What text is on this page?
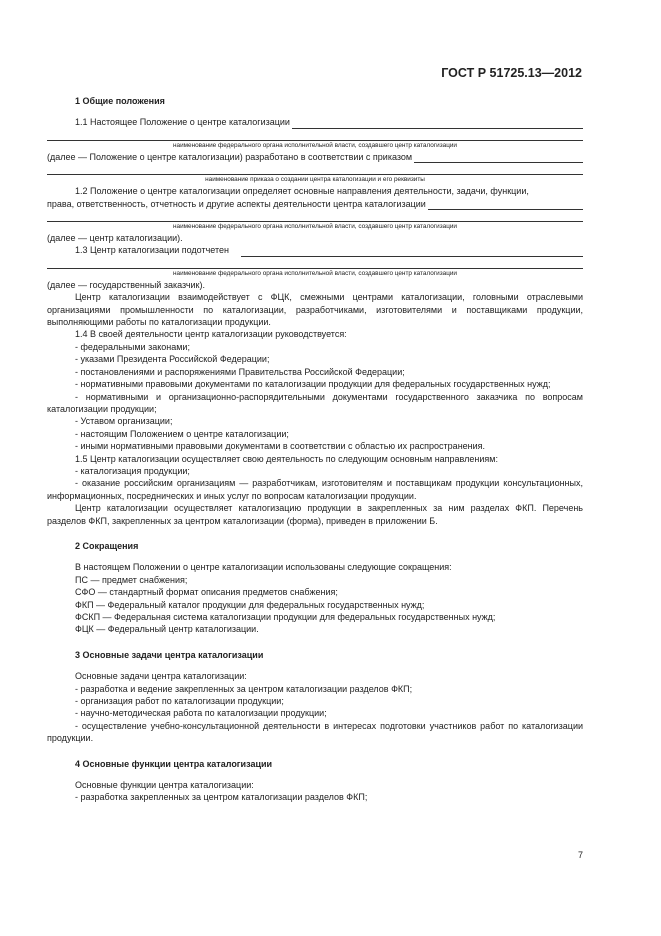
ГОСТ Р 51725.13—2012
1 Общие положения
1.1 Настоящее Положение о центре каталогизации

наименование федерального органа исполнительной власти, создавшего центр каталогизации

(далее — Положение о центре каталогизации) разработано в соответствии с приказом

наименование приказа о создании центра каталогизации и его реквизиты

1.2 Положение о центре каталогизации определяет основные направления деятельности, задачи, функции,

права, ответственность, отчетность и другие аспекты деятельности центра каталогизации

наименование федерального органа исполнительной власти, создавшего центр каталогизации

(далее — центр каталогизации).

1.3 Центр каталогизации подотчетен

наименование федерального органа исполнительной власти, создавшего центр каталогизации

(далее — государственный заказчик).

Центр каталогизации взаимодействует с ФЦК, смежными центрами каталогизации, головными отраслевыми организациями промышленности по каталогизации, разработчиками, изготовителями и поставщиками продукции, выполняющими работы по каталогизации продукции.

1.4 В своей деятельности центр каталогизации руководствуется:

- федеральными законами;

- указами Президента Российской Федерации;

- постановлениями и распоряжениями Правительства Российской Федерации;

- нормативными правовыми документами по каталогизации продукции для федеральных государственных нужд;

- нормативными и организационно-распорядительными документами государственного заказчика по вопросам каталогизации продукции;

- Уставом организации;

- настоящим Положением о центре каталогизации;

- иными нормативными правовыми документами в соответствии с областью их распространения.

1.5 Центр каталогизации осуществляет свою деятельность по следующим основным направлениям:

- каталогизация продукции;

- оказание российским организациям — разработчикам, изготовителям и поставщикам продукции консультационных, информационных, посреднических и иных услуг по вопросам каталогизации продукции.

Центр каталогизации осуществляет каталогизацию продукции в закрепленных за ним разделах ФКП. Перечень разделов ФКП, закрепленных за центром каталогизации (форма), приведен в приложении Б.

2 Сокращения

В настоящем Положении о центре каталогизации использованы следующие сокращения:

ПС — предмет снабжения;

СФО — стандартный формат описания предметов снабжения;

ФКП — Федеральный каталог продукции для федеральных государственных нужд;

ФСКП — Федеральная система каталогизации продукции для федеральных государственных нужд;

ФЦК — Федеральный центр каталогизации.

3 Основные задачи центра каталогизации

Основные задачи центра каталогизации:

- разработка и ведение закрепленных за центром каталогизации разделов ФКП;

- организация работ по каталогизации продукции;

- научно-методическая работа по каталогизации продукции;

- осуществление учебно-консультационной деятельности в интересах подготовки участников работ по каталогизации продукции.

4 Основные функции центра каталогизации

Основные функции центра каталогизации:

- разработка закрепленных за центром каталогизации разделов ФКП;

7
